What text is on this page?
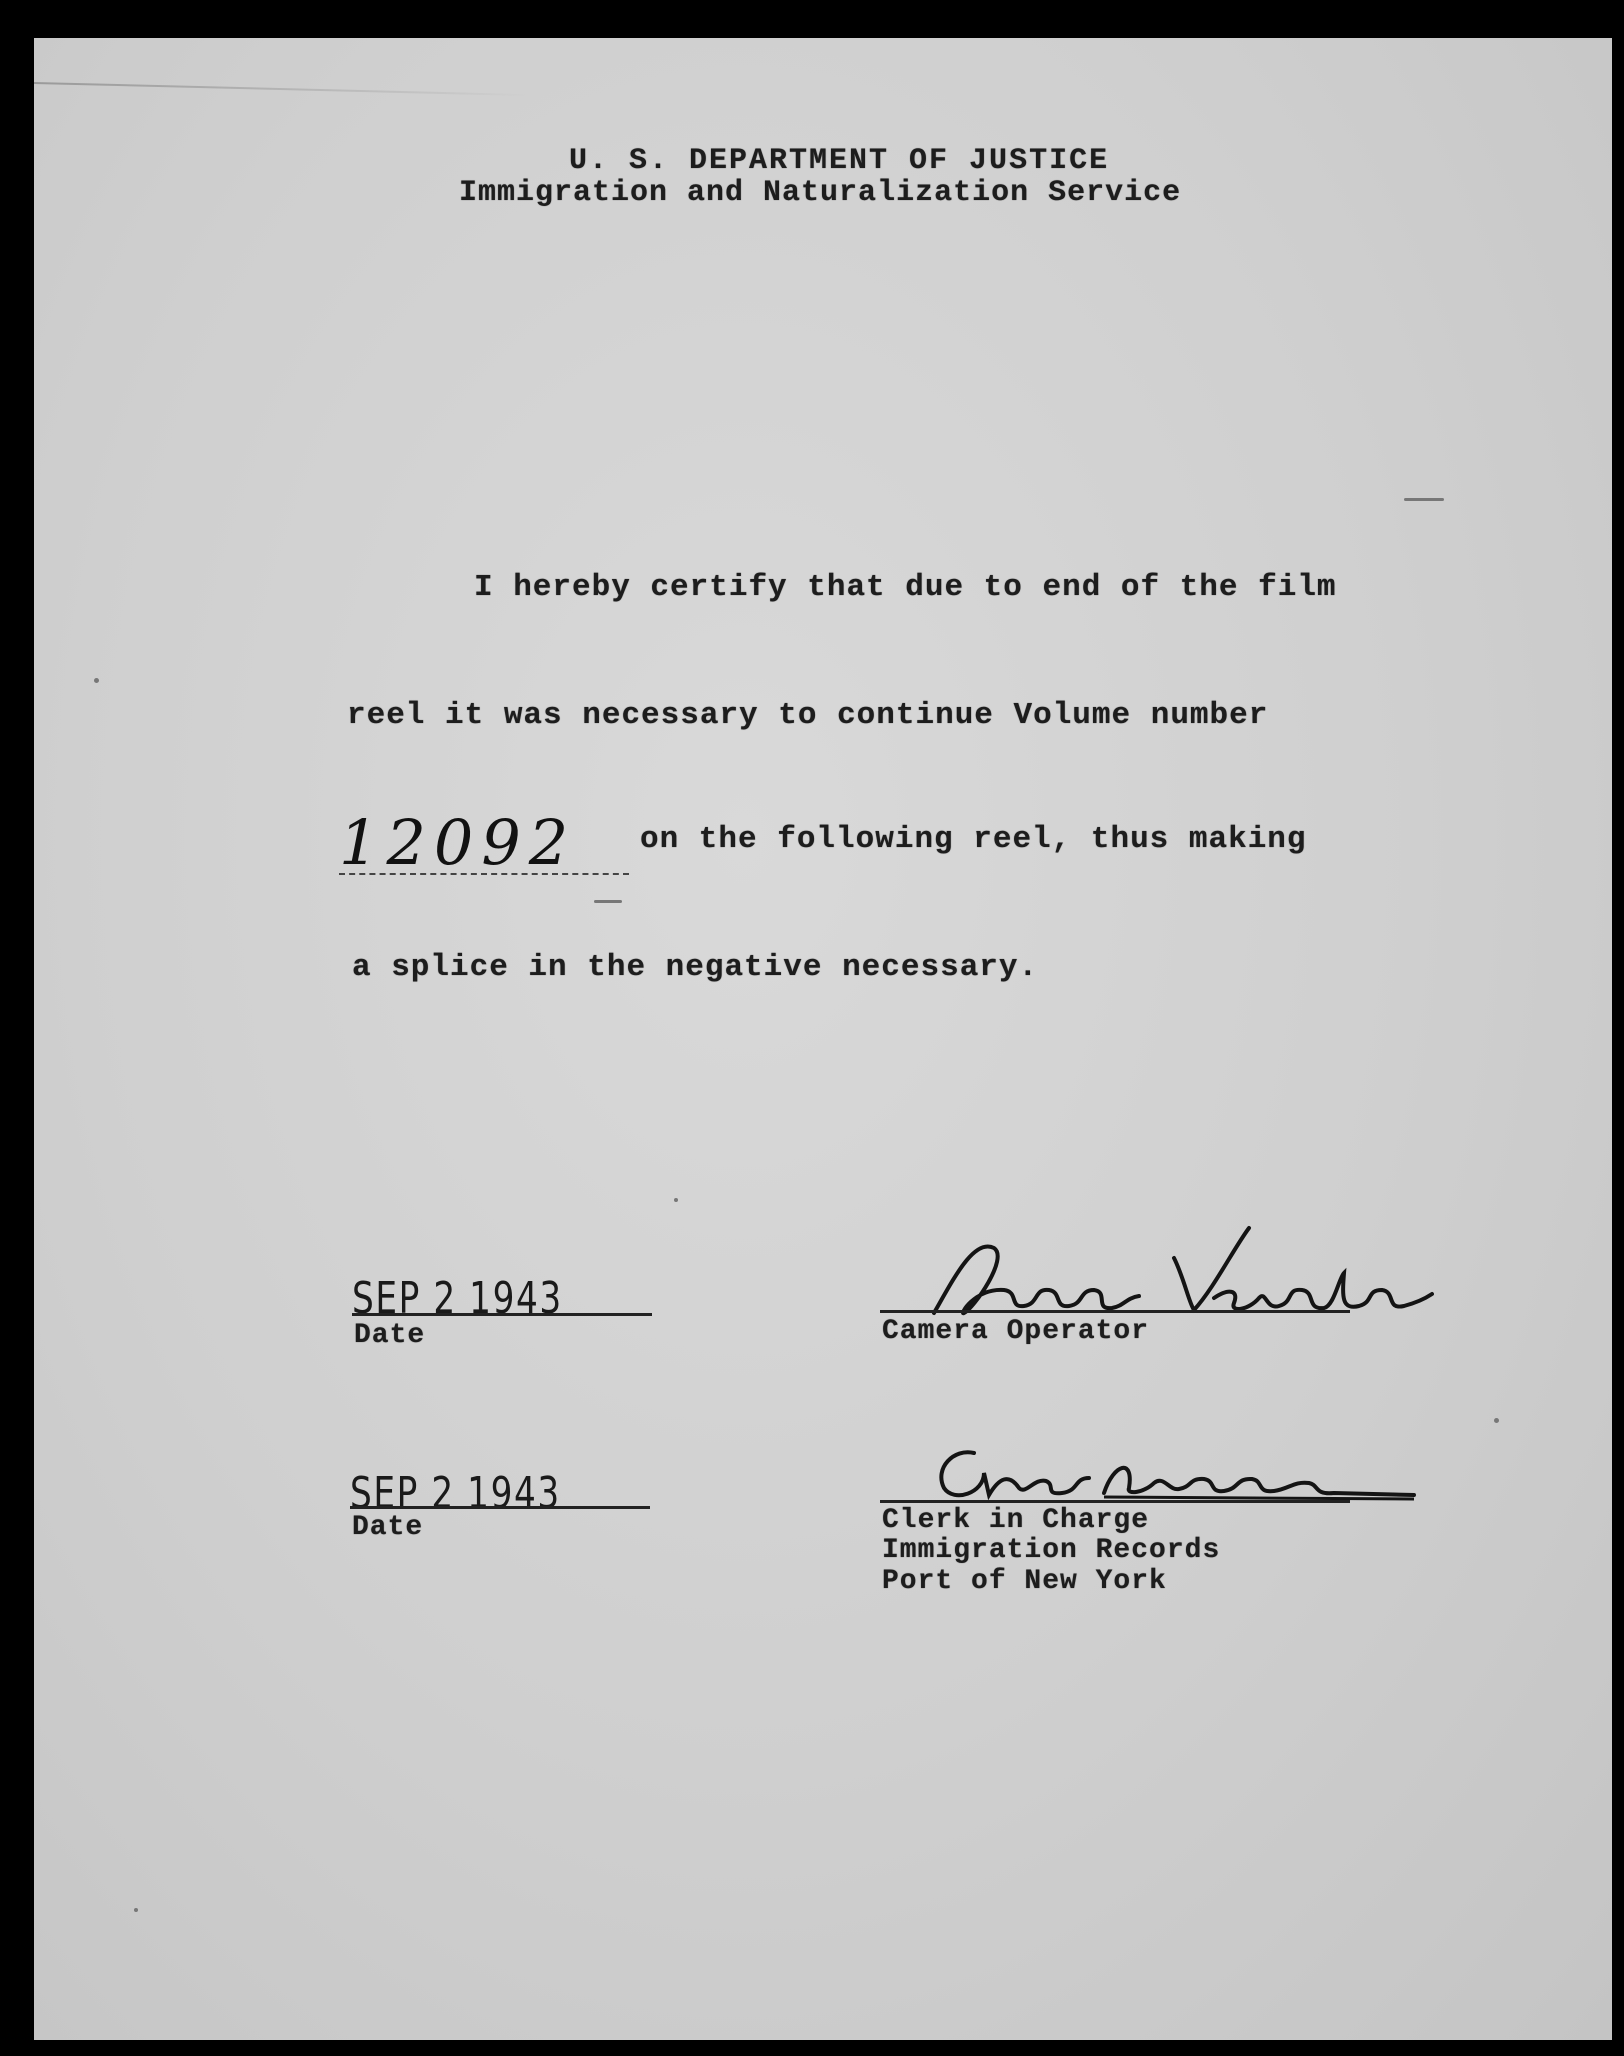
U. S. DEPARTMENT OF JUSTICE
Immigration and Naturalization Service
I hereby certify that due to end of the film
reel it was necessary to continue Volume number
12092 on the following reel, thus making
a splice in the negative necessary.
SEP 2 1943
Date	Camera Operator
SEP 2 1943
Date	Clerk in Charge
Immigration Records
Port of New York
